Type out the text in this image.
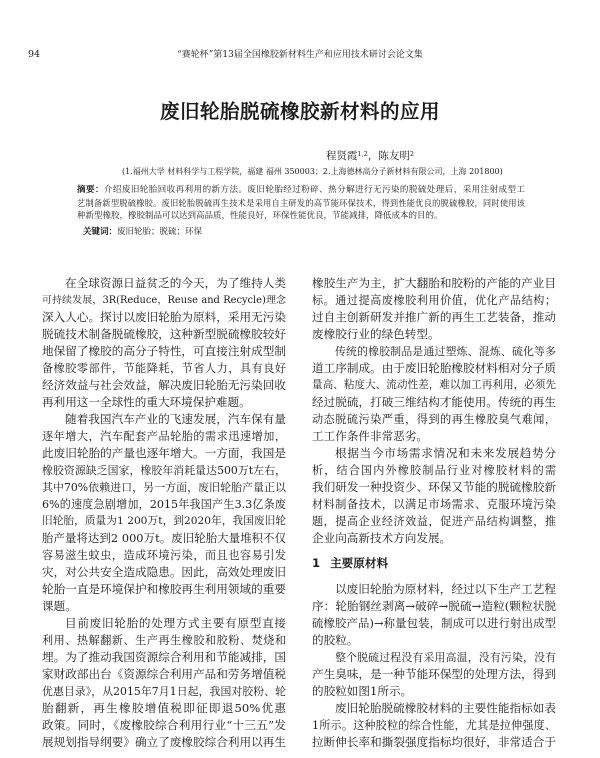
94	“赛轮杯”第13届全国橡胶新材料生产和应用技术研讨会论文集
废旧轮胎脱硫橡胶新材料的应用
程贤霞$^{1,2}$，陈友明$^2$
(1.福州大学 材料科学与工程学院，福建 福州 350003；2.上海德林高分子新材料有限公司，上海 201800)
摘要：介绍废旧轮胎回收再利用的新方法。废旧轮胎经过粉碎、热分解进行无污染的脱硫处理后，采用注射成型工
艺制备新型脱硫橡胶。废旧轮胎脱硫再生技术是采用自主研发的高节能环保技术，得到性能优良的脱硫橡胶，同时使用该
种新型橡胶，橡胶制品可以达到高品质，性能良好，环保性能优良，节能减排，降低成本的目的。
关键词：废旧轮胎；脱硫；环保
在全球资源日益贫乏的今天，为了维持人类
可持续发展，3R(Reduce，Reuse and Recycle)理念
深入人心。探讨以废旧轮胎为原料，采用无污染
脱硫技术制备脱硫橡胶，这种新型脱硫橡胶较好
地保留了橡胶的高分子特性，可直接注射成型制
备橡胶零部件，节能降耗，节省人力，具有良好
经济效益与社会效益，解决废旧轮胎无污染回收
再利用这一全球性的重大环境保护难题。
随着我国汽车产业的飞速发展，汽车保有量
逐年增大，汽车配套产品轮胎的需求迅速增加，
此废旧轮胎的产量也逐年增大。一方面，我国是
橡胶资源缺乏国家，橡胶年消耗量达500万t左右，
其中70%依赖进口，另一方面，废旧轮胎产量正以
6%的速度急剧增加，2015年我国产生3.3亿条废
旧轮胎，质量为1 200万t，到2020年，我国废旧轮
胎产量将达到2 000万t。废旧轮胎大量堆积不仅
容易滋生蚊虫，造成环境污染，而且也容易引发
灾，对公共安全造成隐患。因此，高效处理废旧
轮胎一直是环境保护和橡胶再生利用领域的重要
课题。
目前废旧轮胎的处理方式主要有原型直接
利用、热解翻新、生产再生橡胶和胶粉、焚烧和
埋。为了推动我国资源综合利用和节能减排，国
家财政部出台《资源综合利用产品和劳务增值税
优惠目录》，从2015年7月1日起，我国对胶粉、轮
胎翻新，再生橡胶增值税即征即退50%优惠
政策。同时，《废橡胶综合利用行业“十三五”发
展规划指导纲要》确立了废橡胶综合利用以再生
橡胶生产为主，扩大翻胎和胶粉的产能的产业目
标。通过提高废橡胶利用价值，优化产品结构；
过自主创新研发并推广新的再生工艺装备，推动
废橡胶行业的绿色转型。
传统的橡胶制品是通过塑炼、混炼、硫化等多
道工序制成。由于废旧轮胎橡胶材料相对分子质
量高、粘度大、流动性差，难以加工再利用，必须先
经过脱硫，打破三维结构才能使用。传统的再生
动态脱硫污染严重，得到的再生橡胶臭气难闻，
工工作条件非常恶劣。
根据当今市场需求情况和未来发展趋势分
析，结合国内外橡胶制品行业对橡胶材料的需
我们研发一种投资少、环保又节能的脱硫橡胶新
材料制备技术，以满足市场需求、克服环境污染
题，提高企业经济效益，促进产品结构调整，推
企业向高新技术方向发展。
1 主要原材料
以废旧轮胎为原材料，经过以下生产工艺程
序：轮胎钢丝剥离→破碎→脱硫→造粒(颗粒状脱
硫橡胶产品)→称量包装，制成可以进行射出成型
的胶粒。
整个脱硫过程没有采用高温，没有污染，没有
产生臭味，是一种节能环保型的处理方法，得到
的胶粒如图1所示。
废旧轮胎脱硫橡胶材料的主要性能指标如表
1所示。这种胶粒的综合性能，尤其是拉伸强度、
拉断伸长率和撕裂强度指标均很好，非常适合于
